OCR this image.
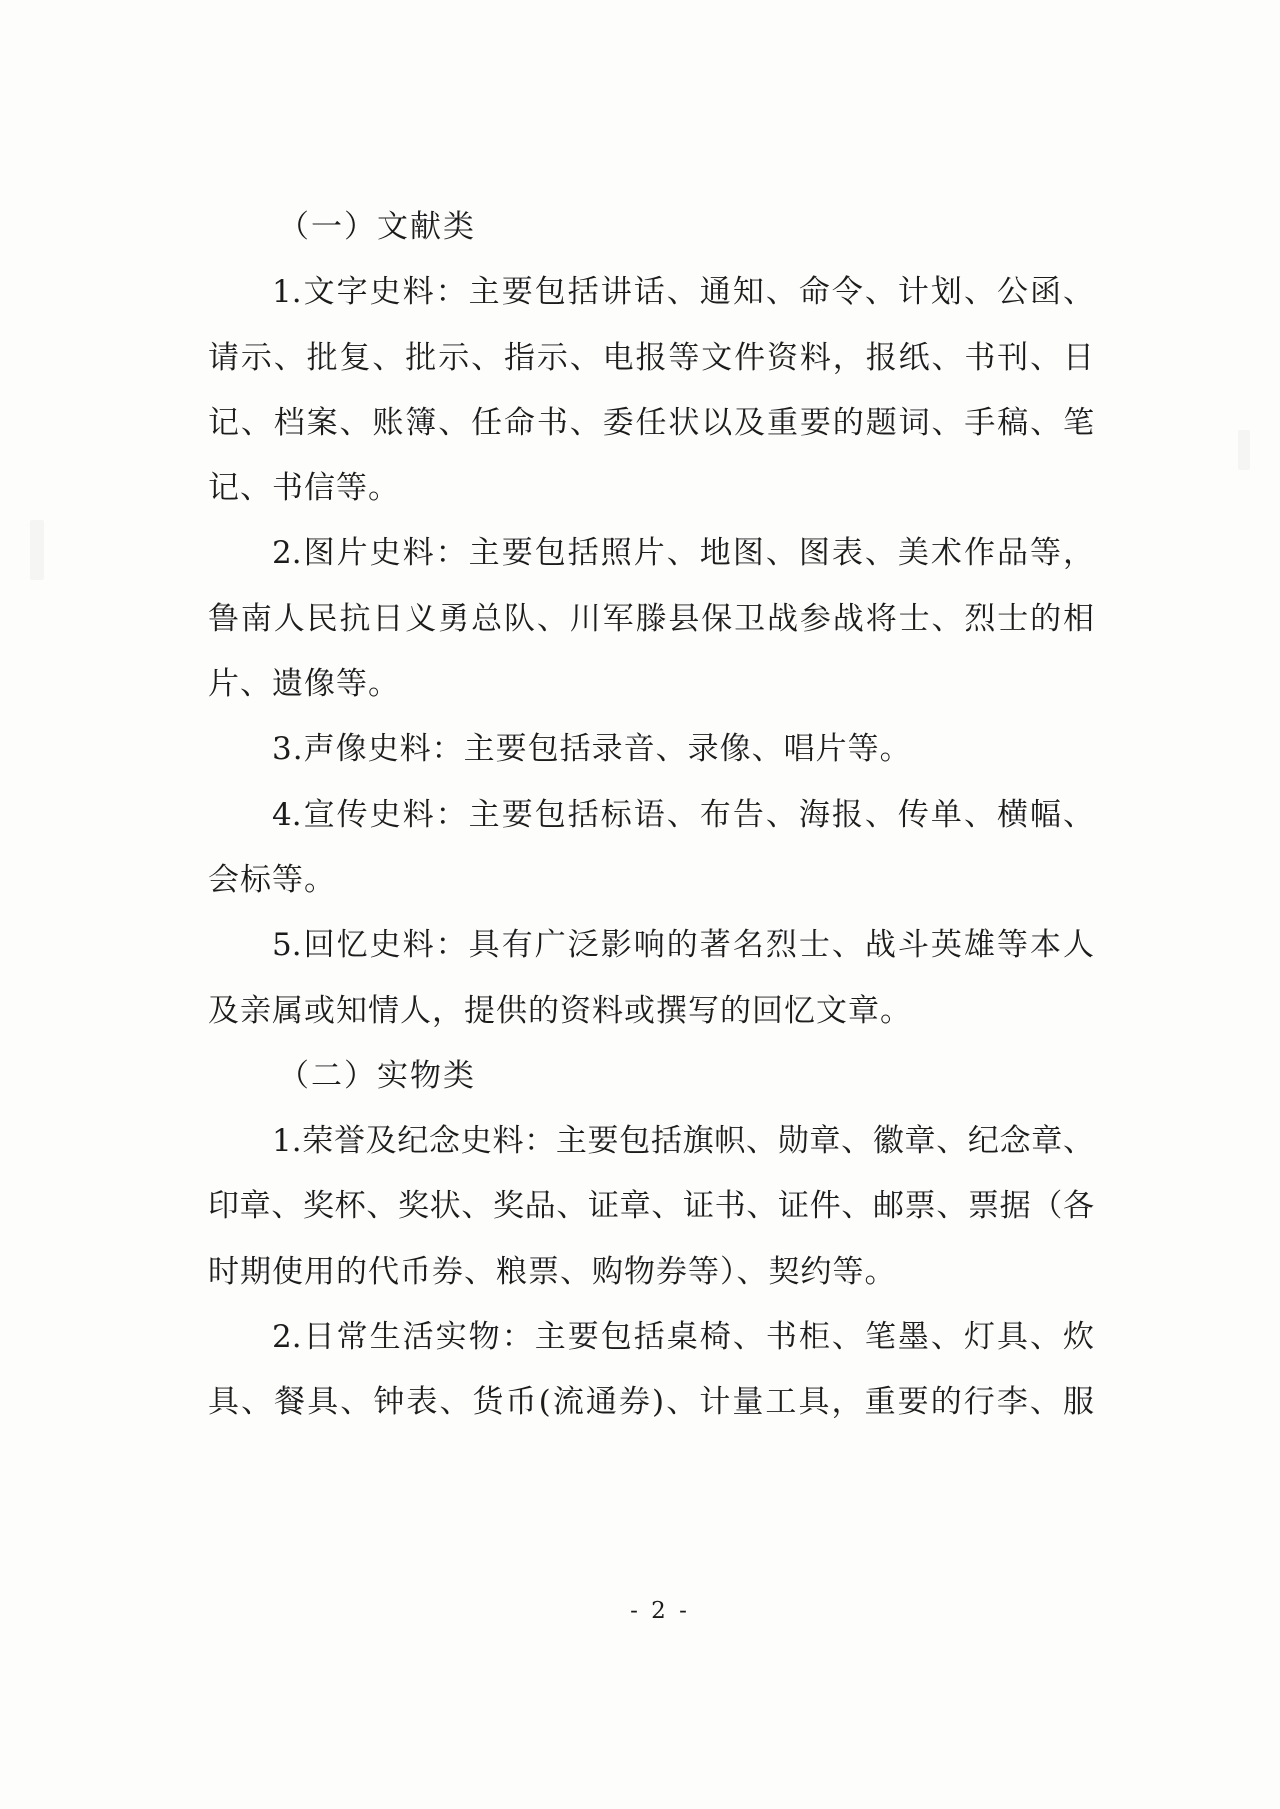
（一）文献类
1.文字史料：主要包括讲话、通知、命令、计划、公函、
请示、批复、批示、指示、电报等文件资料，报纸、书刊、日
记、档案、账簿、任命书、委任状以及重要的题词、手稿、笔
记、书信等。
2.图片史料：主要包括照片、地图、图表、美术作品等，
鲁南人民抗日义勇总队、川军滕县保卫战参战将士、烈士的相
片、遗像等。
3.声像史料：主要包括录音、录像、唱片等。
4.宣传史料：主要包括标语、布告、海报、传单、横幅、
会标等。
5.回忆史料：具有广泛影响的著名烈士、战斗英雄等本人
及亲属或知情人，提供的资料或撰写的回忆文章。
（二）实物类
1.荣誉及纪念史料：主要包括旗帜、勋章、徽章、纪念章、
印章、奖杯、奖状、奖品、证章、证书、证件、邮票、票据（各
时期使用的代币券、粮票、购物券等）、契约等。
2.日常生活实物：主要包括桌椅、书柜、笔墨、灯具、炊
具、餐具、钟表、货币(流通券)、计量工具，重要的行李、服
- 2 -
